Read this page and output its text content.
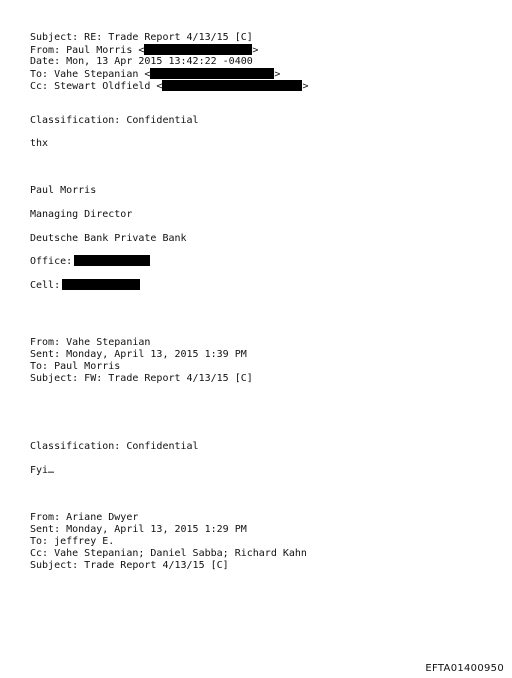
Subject: RE: Trade Report 4/13/15 [C]
From: Paul Morris <	>
Date: Mon, 13 Apr 2015 13:42:22 -0400
To: Vahe Stepanian <	>
Cc: Stewart Oldfield <	>
Classification: Confidential
thx
Paul Morris
Managing Director
Deutsche Bank Private Bank
Office:
Cell:
From: Vahe Stepanian
Sent: Monday, April 13, 2015 1:39 PM
To: Paul Morris
Subject: FW: Trade Report 4/13/15 [C]
Classification: Confidential
Fyi…
From: Ariane Dwyer
Sent: Monday, April 13, 2015 1:29 PM
To: jeffrey E.
Cc: Vahe Stepanian; Daniel Sabba; Richard Kahn
Subject: Trade Report 4/13/15 [C]
EFTA01400950
